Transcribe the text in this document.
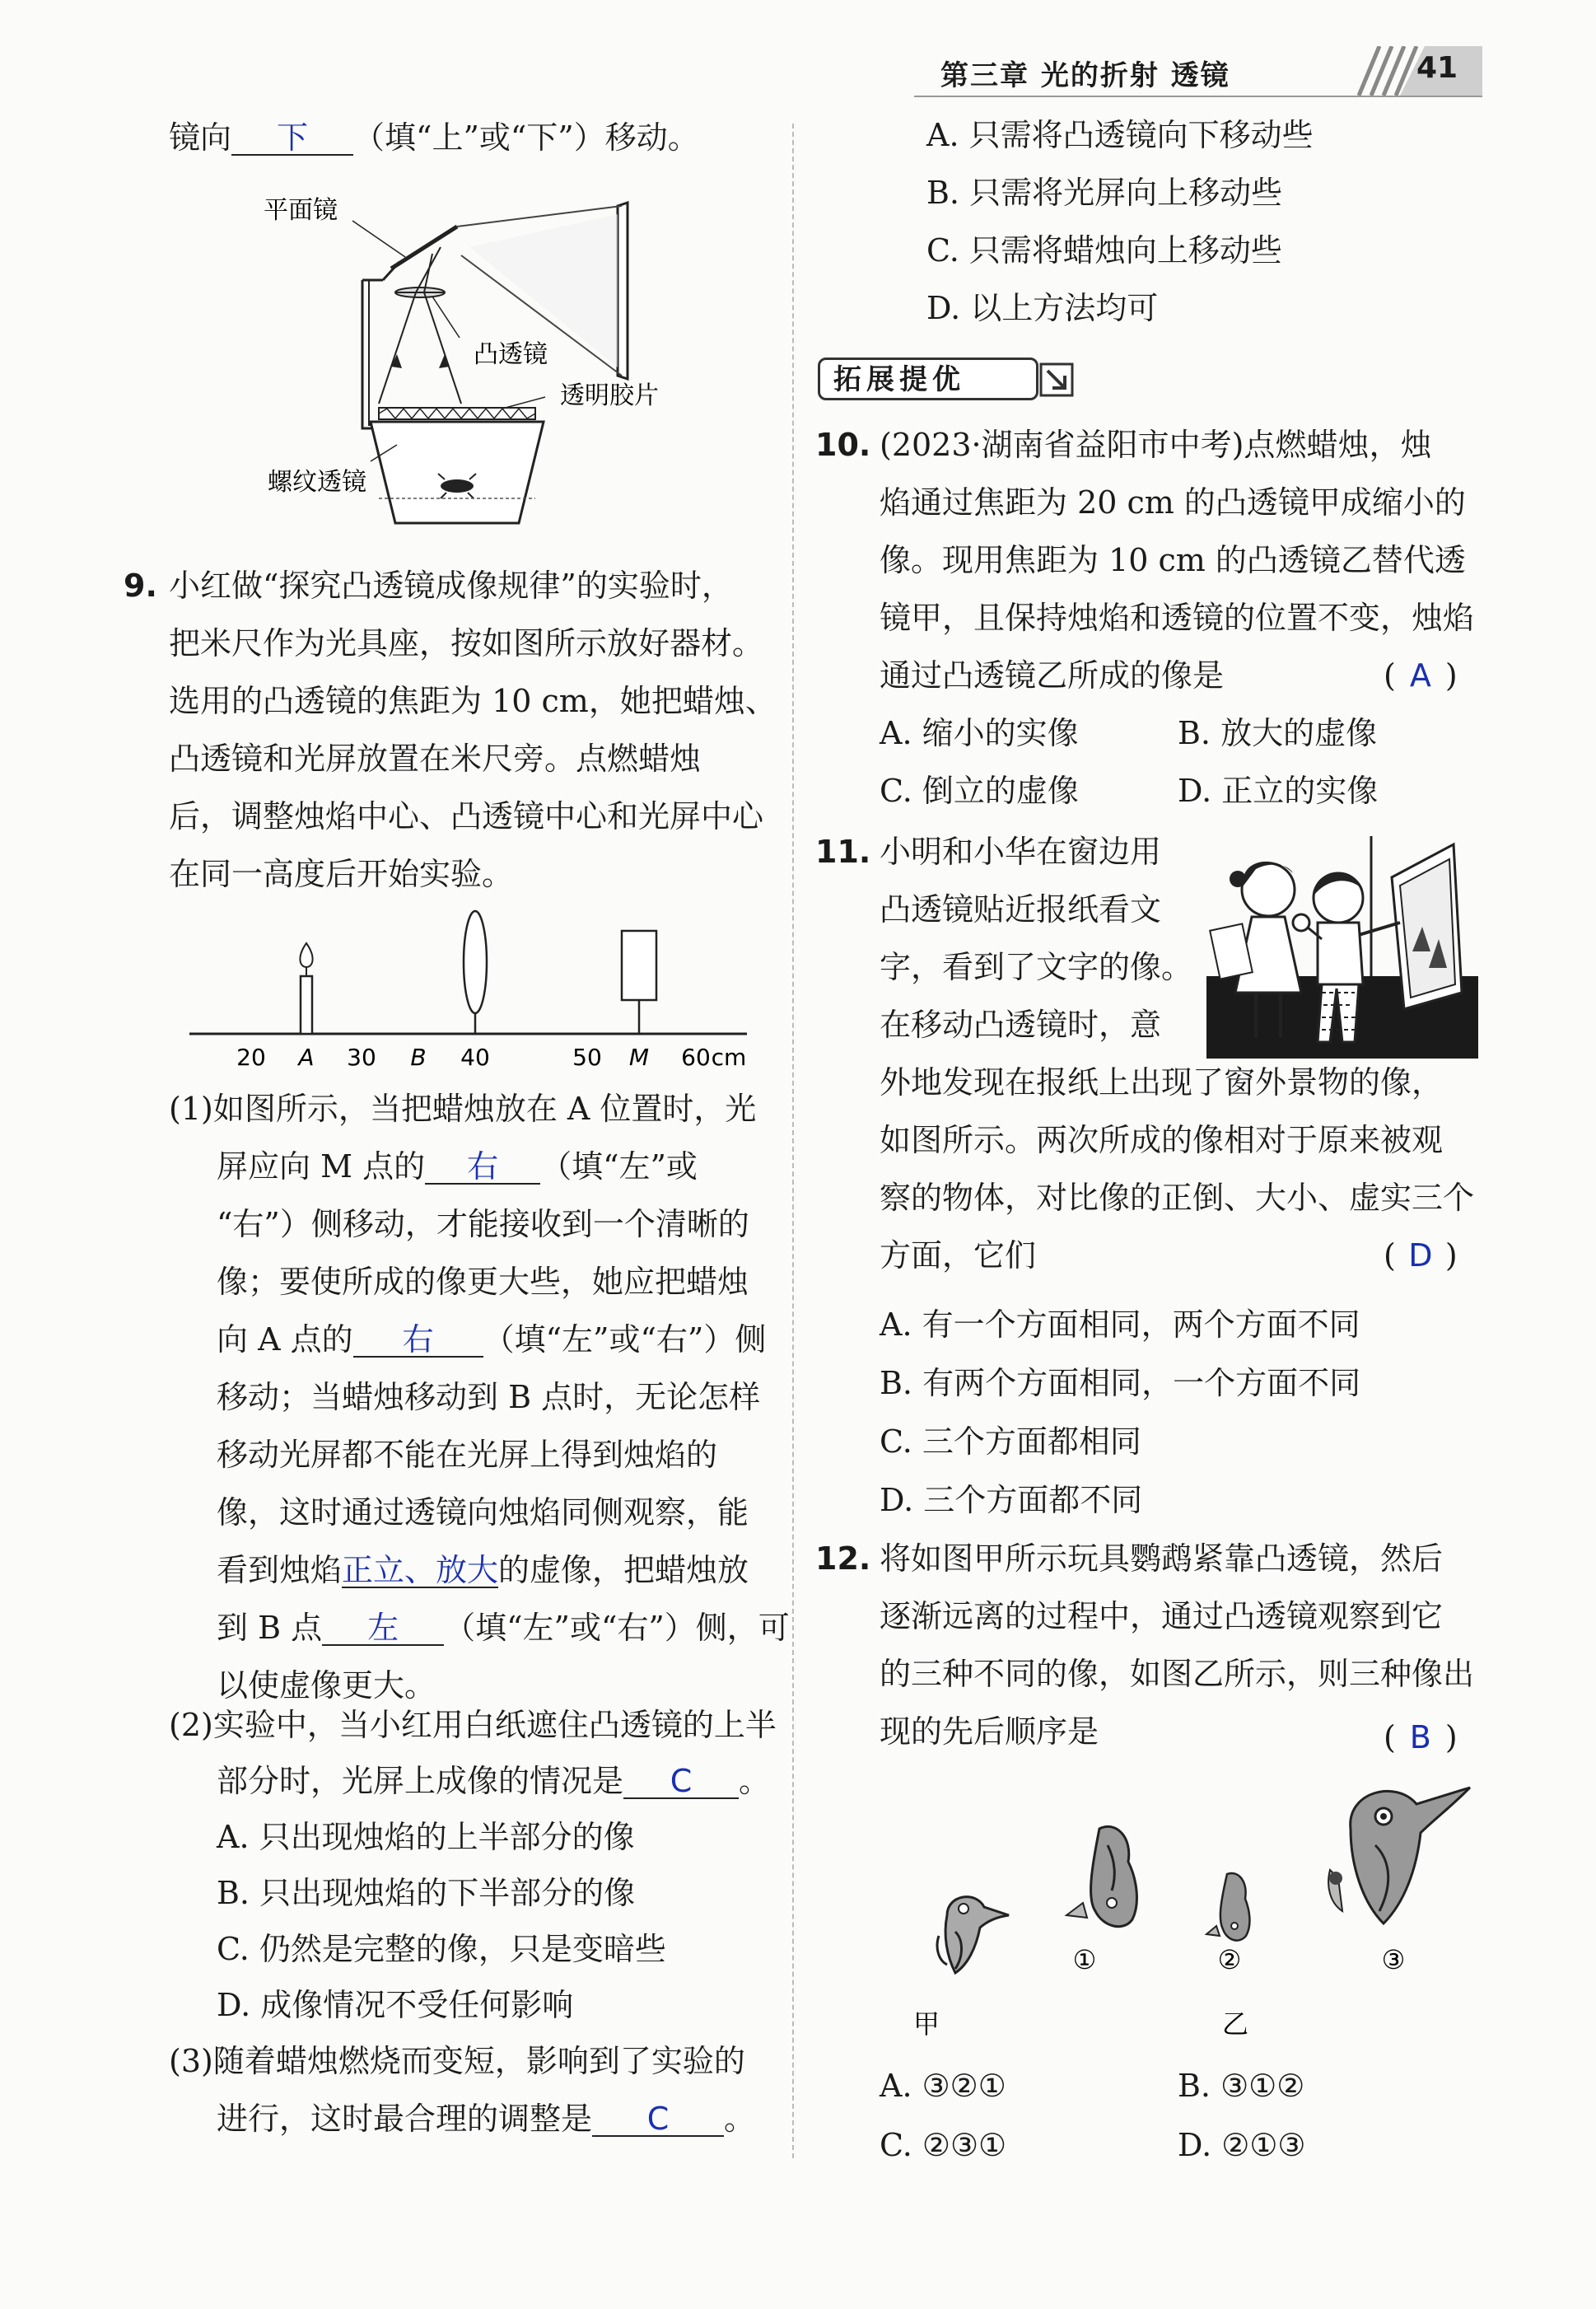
第三章 光的折射 透镜	41
镜向 下 （填“上”或“下”）移动。
平面镜
凸透镜
透明胶片
螺纹透镜
9. 小红做“探究凸透镜成像规律”的实验时，
把米尺作为光具座，按如图所示放好器材。
选用的凸透镜的焦距为 10 cm，她把蜡烛、
凸透镜和光屏放置在米尺旁。点燃蜡烛
后，调整烛焰中心、凸透镜中心和光屏中心
在同一高度后开始实验。
20 A 30 B 40	50 M 60 cm
(1)如图所示，当把蜡烛放在 A 位置时，光
屏应向 M 点的 右 （填“左”或
“右”）侧移动，才能接收到一个清晰的
像；要使所成的像更大些，她应把蜡烛
向 A 点的 右 （填“左”或“右”）侧
移动；当蜡烛移动到 B 点时，无论怎样
移动光屏都不能在光屏上得到烛焰的
像，这时通过透镜向烛焰同侧观察，能
看到烛焰正立、放大的虚像，把蜡烛放
到 B 点 左 （填“左”或“右”）侧，可
以使虚像更大。
(2)实验中，当小红用白纸遮住凸透镜的上半
部分时，光屏上成像的情况是 C 。
A. 只出现烛焰的上半部分的像
B. 只出现烛焰的下半部分的像
C. 仍然是完整的像，只是变暗些
D. 成像情况不受任何影响
(3)随着蜡烛燃烧而变短，影响到了实验的
进行，这时最合理的调整是 C 。
A. 只需将凸透镜向下移动些
B. 只需将光屏向上移动些
C. 只需将蜡烛向上移动些
D. 以上方法均可
拓展提优
10. (2023·湖南省益阳市中考)点燃蜡烛，烛
焰通过焦距为 20 cm 的凸透镜甲成缩小的
像。现用焦距为 10 cm 的凸透镜乙替代透
镜甲，且保持烛焰和透镜的位置不变，烛焰
通过凸透镜乙所成的像是	( A )
A. 缩小的实像	B. 放大的虚像
C. 倒立的虚像	D. 正立的实像
11. 小明和小华在窗边用
凸透镜贴近报纸看文
字，看到了文字的像。
在移动凸透镜时，意
外地发现在报纸上出现了窗外景物的像，
如图所示。两次所成的像相对于原来被观
察的物体，对比像的正倒、大小、虚实三个
方面，它们	( D )
A. 有一个方面相同，两个方面不同
B. 有两个方面相同，一个方面不同
C. 三个方面都相同
D. 三个方面都不同
12. 将如图甲所示玩具鹦鹉紧靠凸透镜，然后
逐渐远离的过程中，通过凸透镜观察到它
的三种不同的像，如图乙所示，则三种像出
现的先后顺序是	( B )
①	②	③
甲	乙
A. ③②①	B. ③①②
C. ②③①	D. ②①③
